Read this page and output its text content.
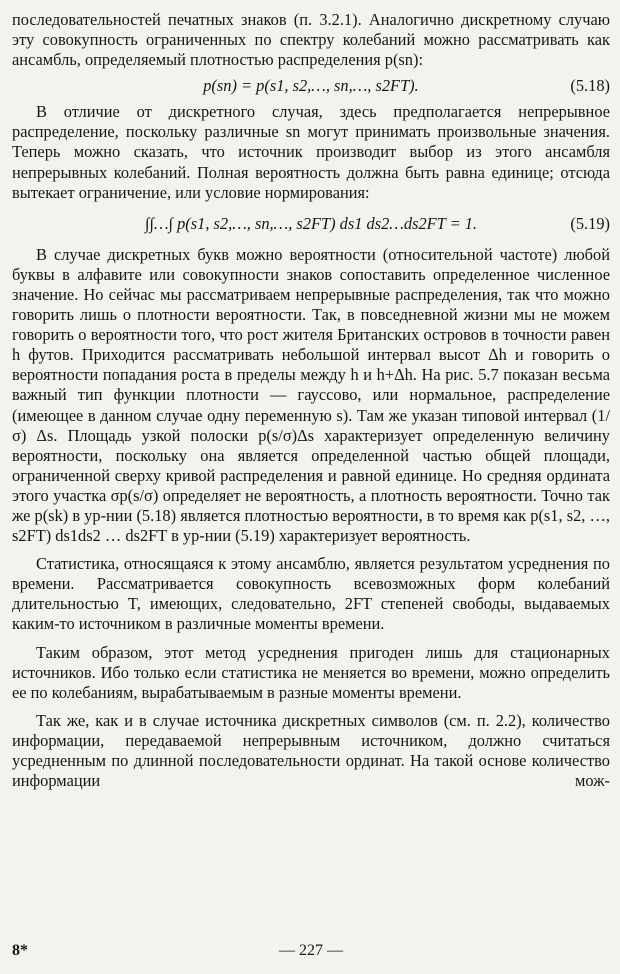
последовательностей печатных знаков (п. 3.2.1). Аналогично дискретному случаю эту совокупность ограниченных по спектру колебаний можно рассматривать как ансамбль, определяемый плотностью распределения p(sn):

p(sn) = p(s1, s2,…, sn,…, s2FT).	(5.18)

В отличие от дискретного случая, здесь предполагается непрерывное распределение, поскольку различные sn могут принимать произвольные значения. Теперь можно сказать, что источник производит выбор из этого ансамбля непрерывных колебаний. Полная вероятность должна быть равна единице; отсюда вытекает ограничение, или условие нормирования:

∫∫…∫ p(s1, s2,…, sn,…, s2FT) ds1 ds2…ds2FT = 1.	(5.19)

В случае дискретных букв можно вероятности (относительной частоте) любой буквы в алфавите или совокупности знаков сопоставить определенное численное значение. Но сейчас мы рассматриваем непрерывные распределения, так что можно говорить лишь о плотности вероятности. Так, в повседневной жизни мы не можем говорить о вероятности того, что рост жителя Британских островов в точности равен h футов. Приходится рассматривать небольшой интервал высот Δh и говорить о вероятности попадания роста в пределы между h и h+Δh. На рис. 5.7 показан весьма важный тип функции плотности — гауссово, или нормальное, распределение (имеющее в данном случае одну переменную s). Там же указан типовой интервал (1/σ) Δs. Площадь узкой полоски p(s/σ)Δs характеризует определенную величину вероятности, поскольку она является определенной частью общей площади, ограниченной сверху кривой распределения и равной единице. Но средняя ордината этого участка σp(s/σ) определяет не вероятность, а плотность вероятности. Точно так же p(sk) в ур-нии (5.18) является плотностью вероятности, в то время как p(s1, s2, …, s2FT) ds1ds2 … ds2FT в ур-нии (5.19) характеризует вероятность.

Статистика, относящаяся к этому ансамблю, является результатом усреднения по времени. Рассматривается совокупность всевозможных форм колебаний длительностью T, имеющих, следовательно, 2FT степеней свободы, выдаваемых каким-то источником в различные моменты времени.

Таким образом, этот метод усреднения пригоден лишь для стационарных источников. Ибо только если статистика не меняется во времени, можно определить ее по колебаниям, вырабатываемым в разные моменты времени.

Так же, как и в случае источника дискретных символов (см. п. 2.2), количество информации, передаваемой непрерывным источником, должно считаться усредненным по длинной последовательности ординат. На такой основе количество информации мож-

8*	— 227 —
